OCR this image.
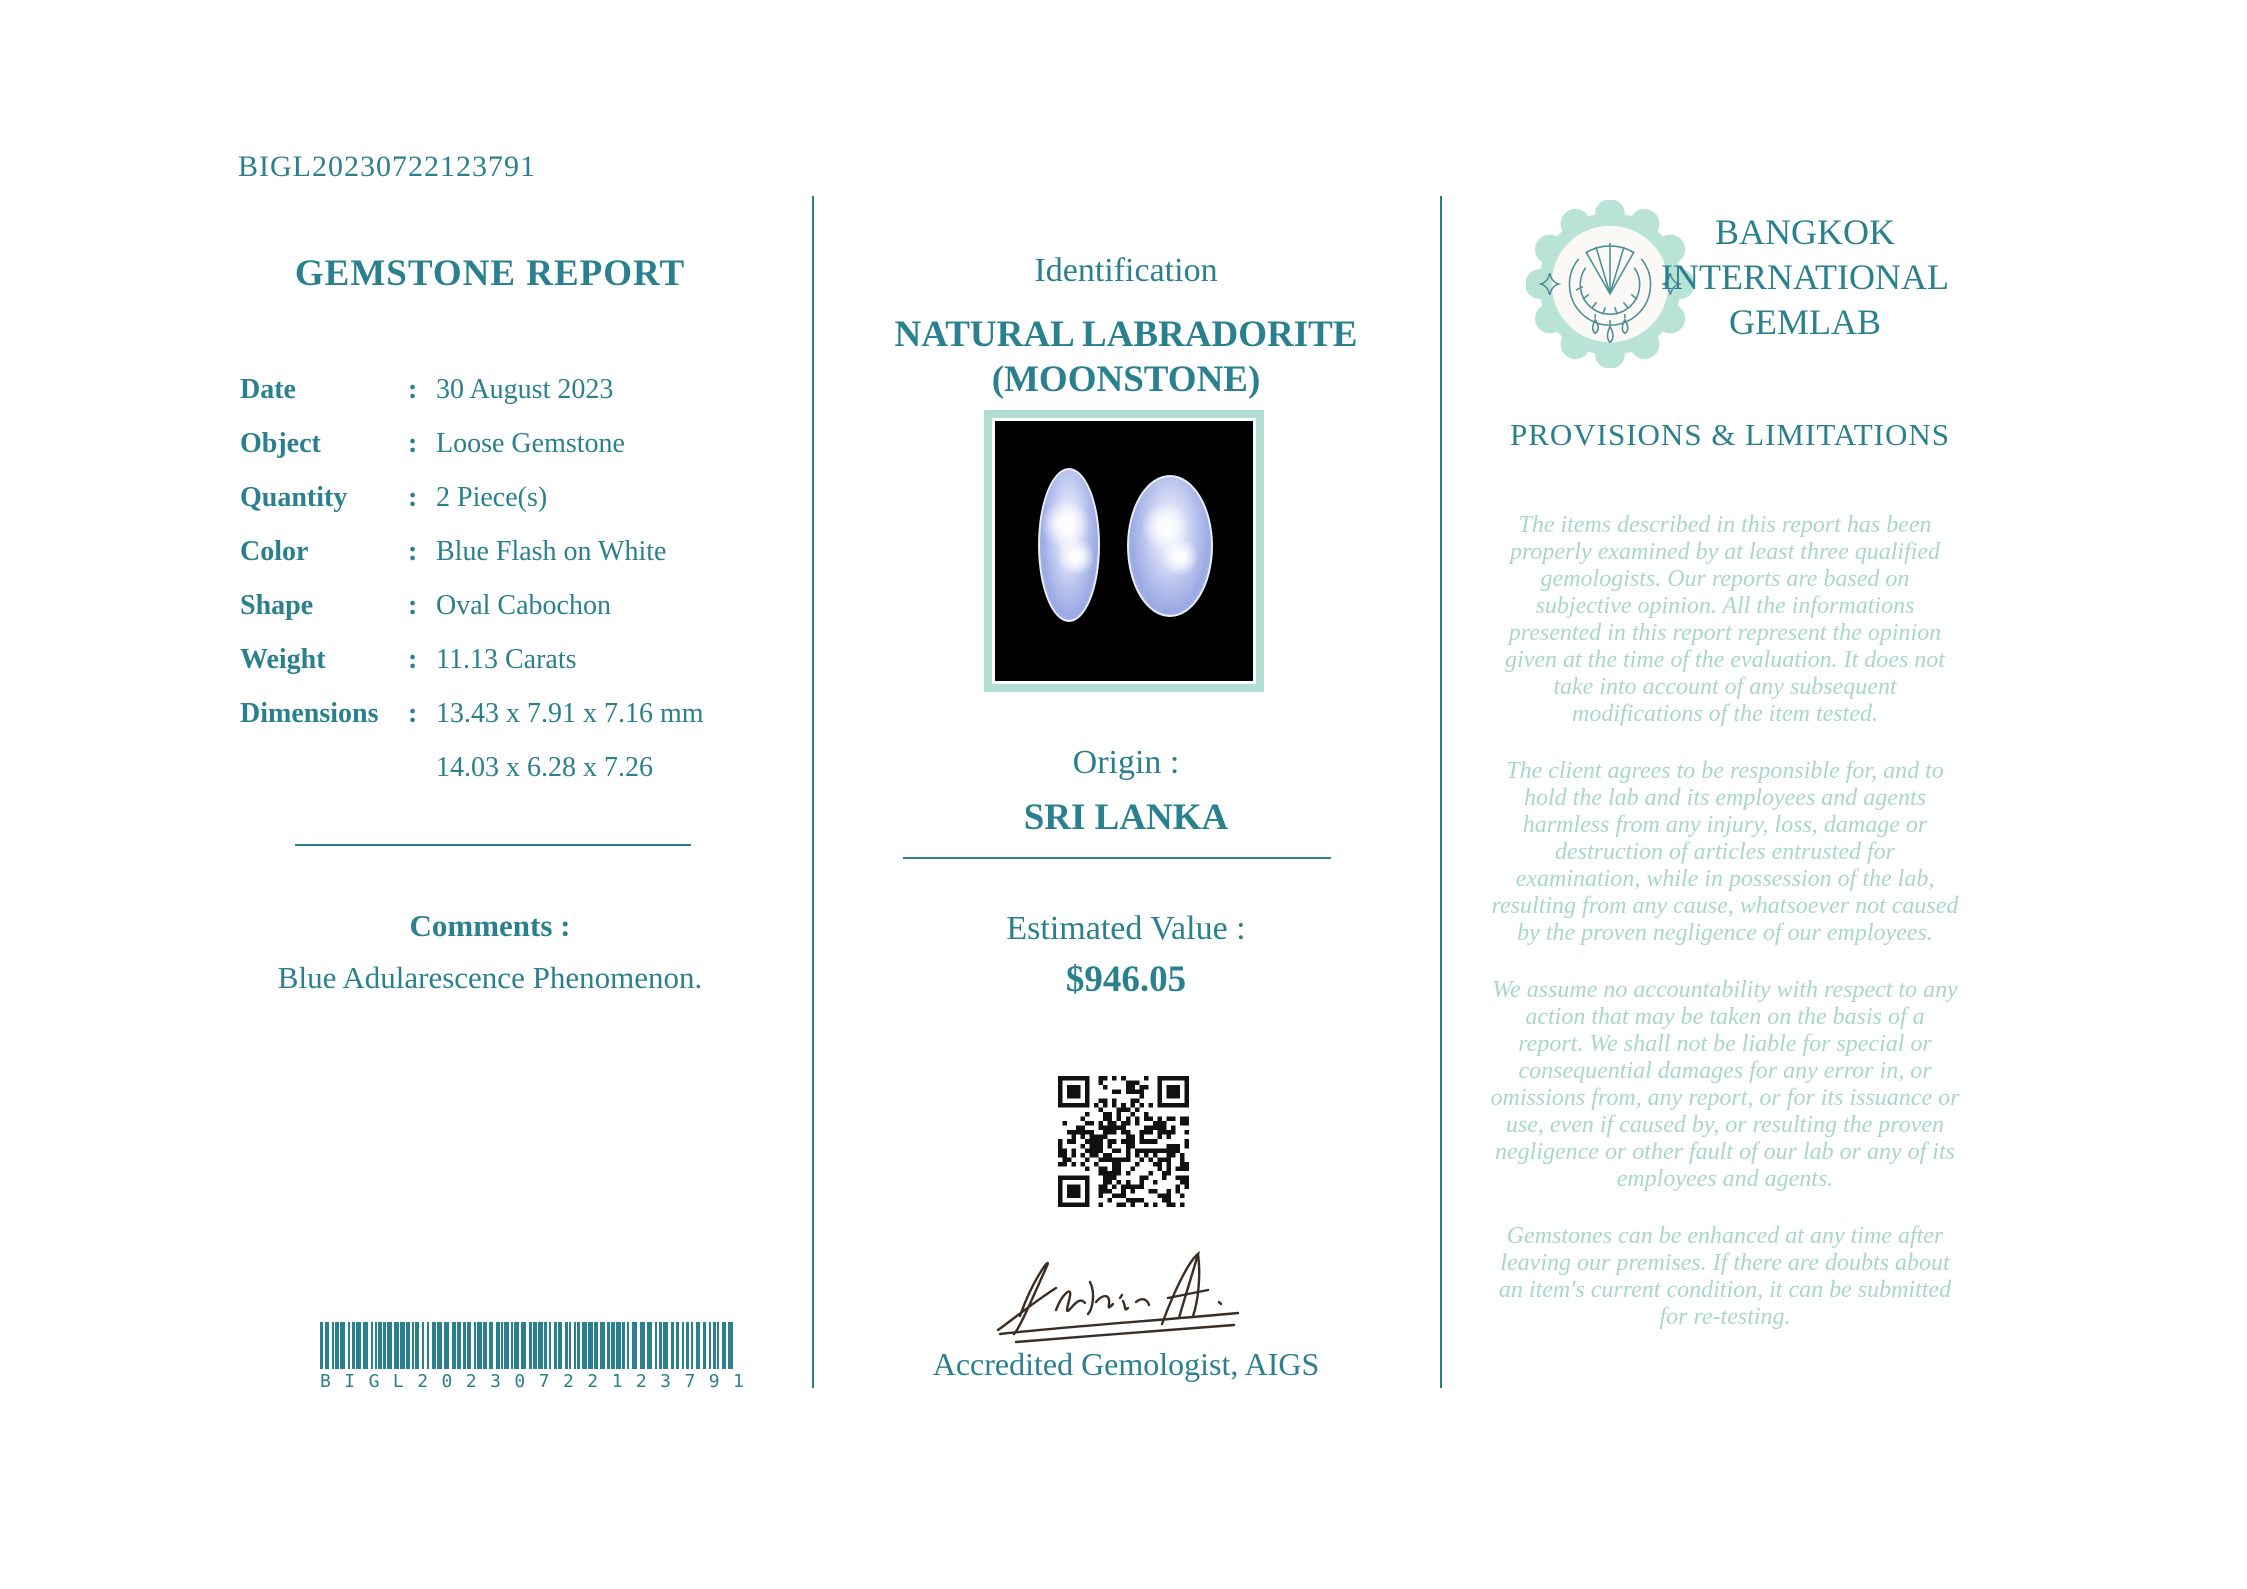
BIGL20230722123791
GEMSTONE REPORT
Date	: 30 August 2023
Object	: Loose Gemstone
Quantity	: 2 Piece(s)
Color	: Blue Flash on White
Shape	: Oval Cabochon
Weight	: 11.13 Carats
Dimensions	: 13.43 x 7.91 x 7.16 mm
14.03 x 6.28 x 7.26
Comments :
Blue Adularescence Phenomenon.
B I G L 2 0 2 3 0 7 2 2 1 2 3 7 9 1
Identification
NATURAL LABRADORITE
(MOONSTONE)
Origin :
SRI LANKA
Estimated Value :
$946.05
Accredited Gemologist, AIGS
BANGKOK
INTERNATIONAL
GEMLAB
PROVISIONS & LIMITATIONS

The items described in this report has been properly examined by at least three qualified gemologists. Our reports are based on subjective opinion. All the informations presented in this report represent the opinion given at the time of the evaluation. It does not take into account of any subsequent modifications of the item tested.

The client agrees to be responsible for, and to hold the lab and its employees and agents harmless from any injury, loss, damage or destruction of articles entrusted for examination, while in possession of the lab, resulting from any cause, whatsoever not caused by the proven negligence of our employees.

We assume no accountability with respect to any action that may be taken on the basis of a report. We shall not be liable for special or consequential damages for any error in, or omissions from, any report, or for its issuance or use, even if caused by, or resulting the proven negligence or other fault of our lab or any of its employees and agents.

Gemstones can be enhanced at any time after leaving our premises. If there are doubts about an item's current condition, it can be submitted for re-testing.
